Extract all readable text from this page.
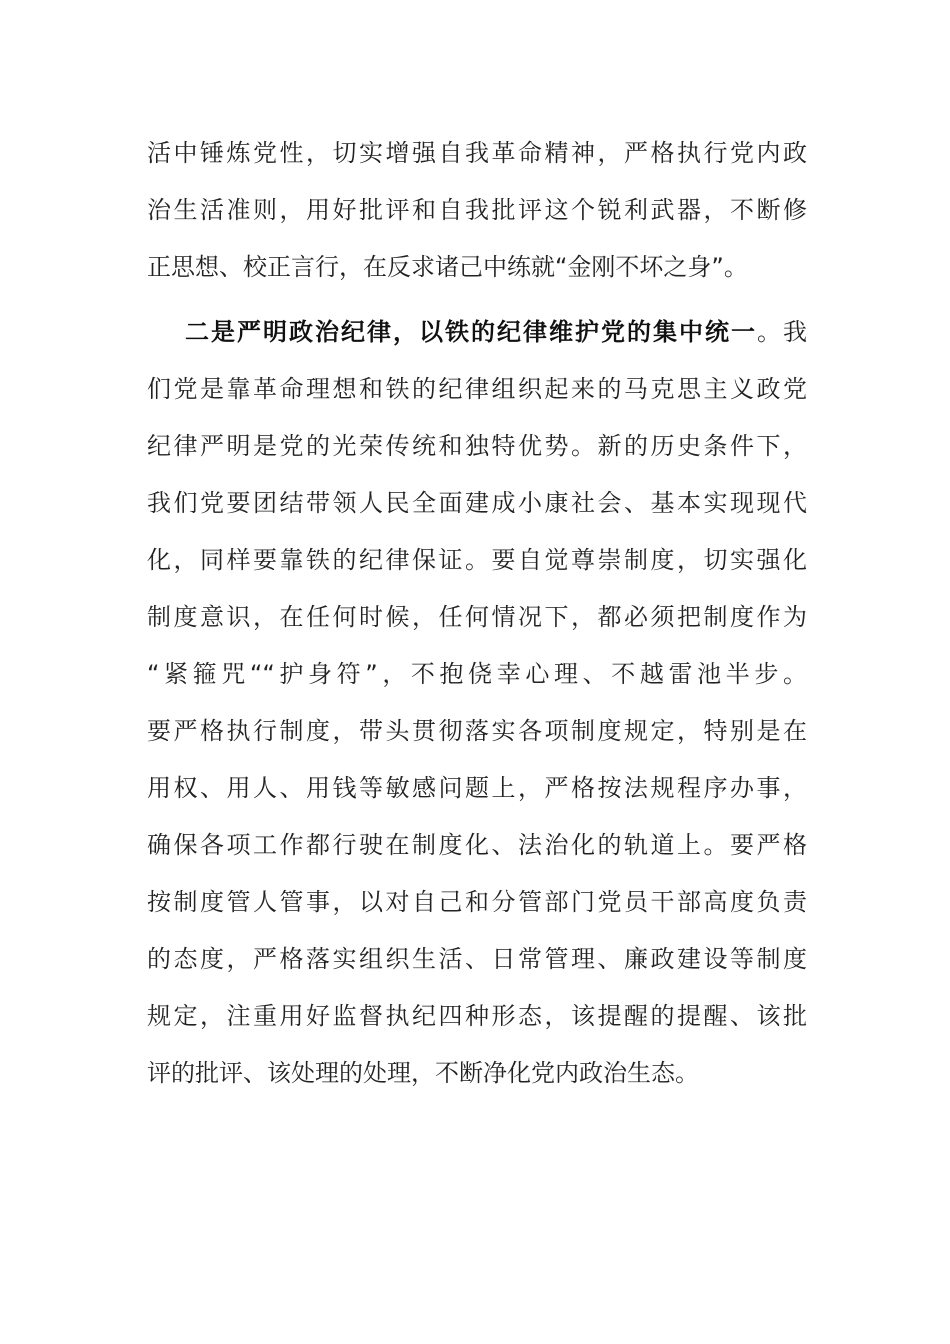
活中锤炼党性，切实增强自我革命精神，严格执行党内政
治生活准则，用好批评和自我批评这个锐利武器，不断修
正思想、校正言行，在反求诸己中练就“金刚不坏之身”。
二是严明政治纪律，以铁的纪律维护党的集中统一。我
们党是靠革命理想和铁的纪律组织起来的马克思主义政党
纪律严明是党的光荣传统和独特优势。新的历史条件下，
我们党要团结带领人民全面建成小康社会、基本实现现代
化，同样要靠铁的纪律保证。要自觉尊崇制度，切实强化
制度意识，在任何时候，任何情况下，都必须把制度作为
“紧箍咒““护身符”，不抱侥幸心理、不越雷池半步。
要严格执行制度，带头贯彻落实各项制度规定，特别是在
用权、用人、用钱等敏感问题上，严格按法规程序办事，
确保各项工作都行驶在制度化、法治化的轨道上。要严格
按制度管人管事，以对自己和分管部门党员干部高度负责
的态度，严格落实组织生活、日常管理、廉政建设等制度
规定，注重用好监督执纪四种形态，该提醒的提醒、该批
评的批评、该处理的处理，不断净化党内政治生态。
